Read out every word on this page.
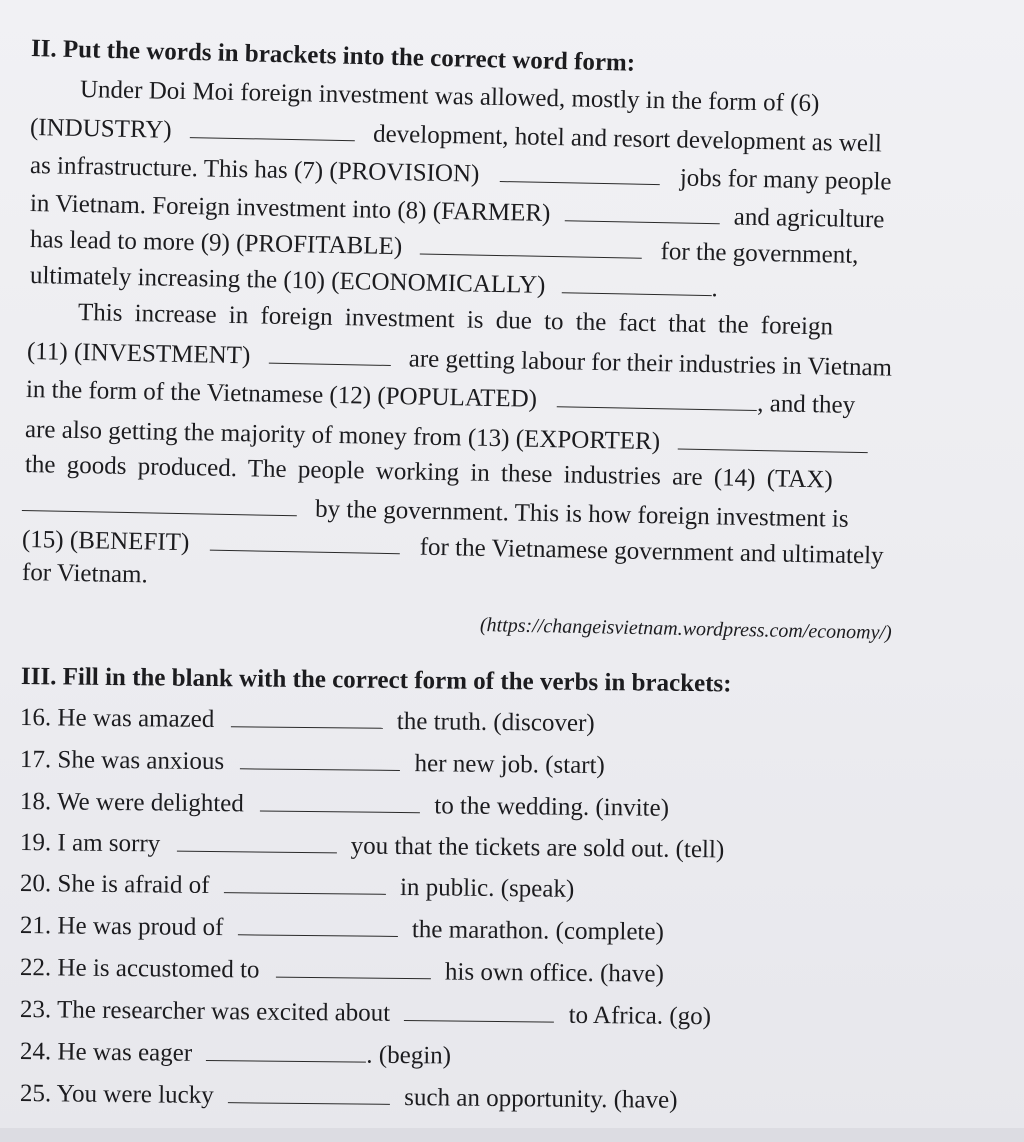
II. Put the words in brackets into the correct word form:
Under Doi Moi foreign investment was allowed, mostly in the form of (6)
(INDUSTRY)	development, hotel and resort development as well
as infrastructure. This has (7) (PROVISION)	jobs for many people
in Vietnam. Foreign investment into (8) (FARMER)	and agriculture
has lead to more (9) (PROFITABLE)	for the government,
ultimately increasing the (10) (ECONOMICALLY)	.
This increase in foreign investment is due to the fact that the foreign
(11) (INVESTMENT)	are getting labour for their industries in Vietnam
in the form of the Vietnamese (12) (POPULATED)	, and they
are also getting the majority of money from (13) (EXPORTER)
the goods produced. The people working in these industries are (14) (TAX)
by the government. This is how foreign investment is
(15) (BENEFIT)	for the Vietnamese government and ultimately
for Vietnam.
(https://changeisvietnam.wordpress.com/economy/)
III. Fill in the blank with the correct form of the verbs in brackets:
16. He was amazed	the truth. (discover)
17. She was anxious	her new job. (start)
18. We were delighted	to the wedding. (invite)
19. I am sorry	you that the tickets are sold out. (tell)
20. She is afraid of	in public. (speak)
21. He was proud of	the marathon. (complete)
22. He is accustomed to	his own office. (have)
23. The researcher was excited about	to Africa. (go)
24. He was eager	. (begin)
25. You were lucky	such an opportunity. (have)
